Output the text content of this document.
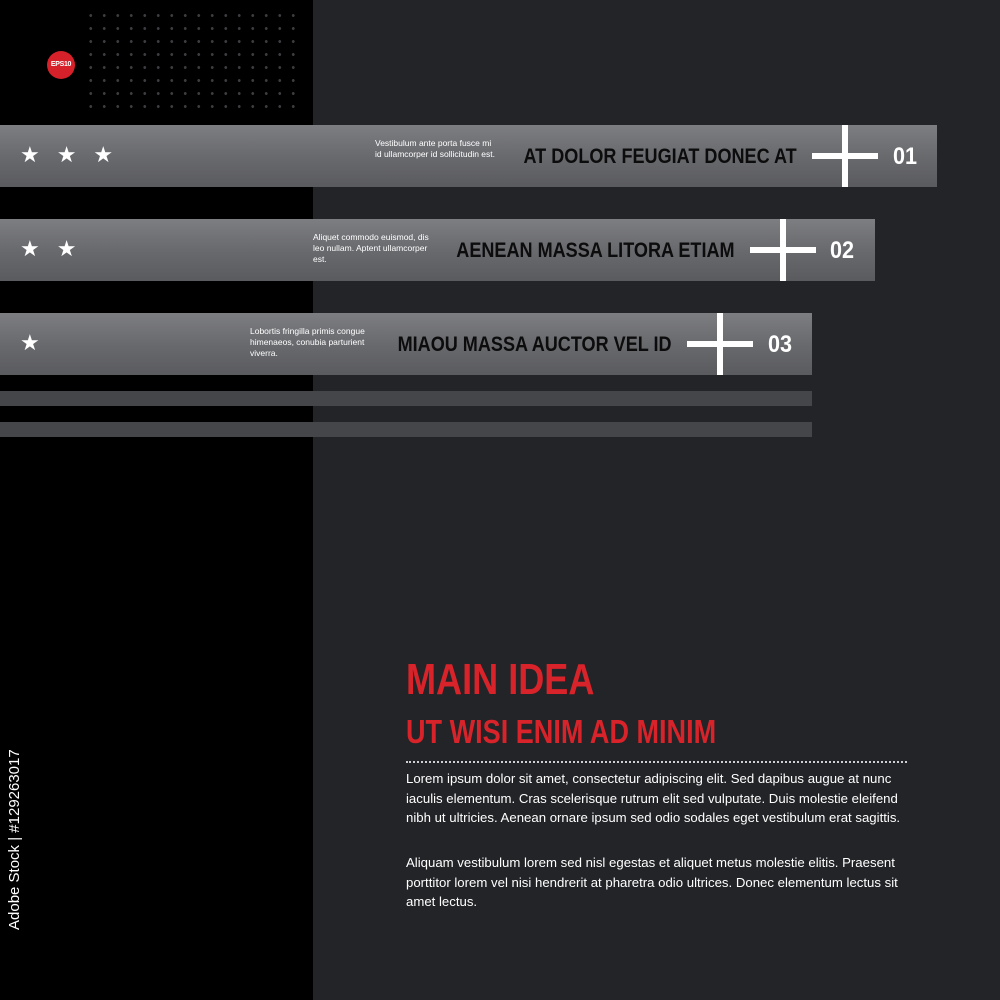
EPS10
★ ★ ★	Vestibulum ante porta fusce mi id ullamcorper id sollicitudin est. AT DOLOR FEUGIAT DONEC AT	01
★ ★	Aliquet commodo euismod, dis leo nullam. Aptent ullamcorper est.	AENEAN MASSA LITORA ETIAM	02
★	Lobortis fringilla primis congue himenaeos, conubia parturient viverra.	MIAOU MASSA AUCTOR VEL ID	03
MAIN IDEA
UT WISI ENIM AD MINIM
Lorem ipsum dolor sit amet, consectetur adipiscing elit. Sed dapibus augue at nunc iaculis elementum. Cras scelerisque rutrum elit sed vulputate. Duis molestie eleifend nibh ut ultricies. Aenean ornare ipsum sed odio sodales eget vestibulum erat sagittis.
Aliquam vestibulum lorem sed nisl egestas et aliquet metus molestie elitis. Praesent porttitor lorem vel nisi hendrerit at pharetra odio ultrices. Donec elementum lectus sit amet lectus.
Adobe Stock | #129263017
